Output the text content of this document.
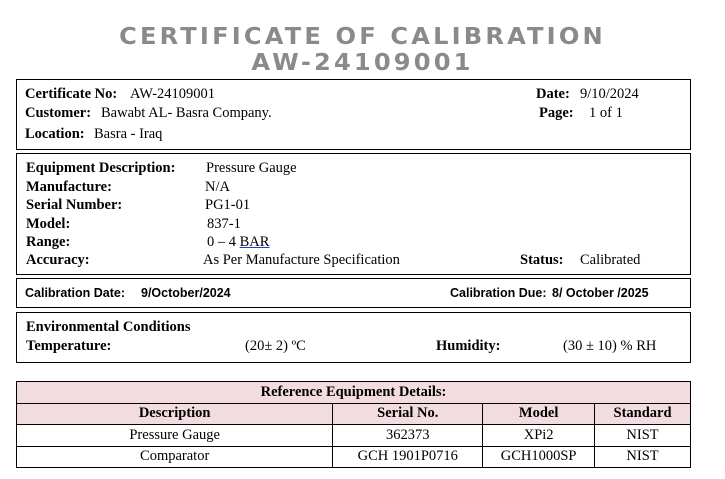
CERTIFICATE OF CALIBRATION
AW-24109001
Certificate No: AW-24109001
Customer: Bawabt AL- Basra Company.
Location: Basra - Iraq
Date: 9/10/2024
Page: 1 of 1
Equipment Description: Pressure Gauge
Manufacture:	N/A
Serial Number:	PG1-01
Model:	837-1
Range:	0 – 4 BAR
Accuracy:	As Per Manufacture Specification	Status: Calibrated
Calibration Date: 9/October/2024	Calibration Due: 8/ October /2025
Environmental Conditions
Temperature:	(20± 2) ºC	Humidity:	(30 ± 10) % RH
Reference Equipment Details:			
Description	Serial No.	Model	Standard
Pressure Gauge	362373	XPi2	NIST
Comparator	GCH 1901P0716	GCH1000SP	NIST
